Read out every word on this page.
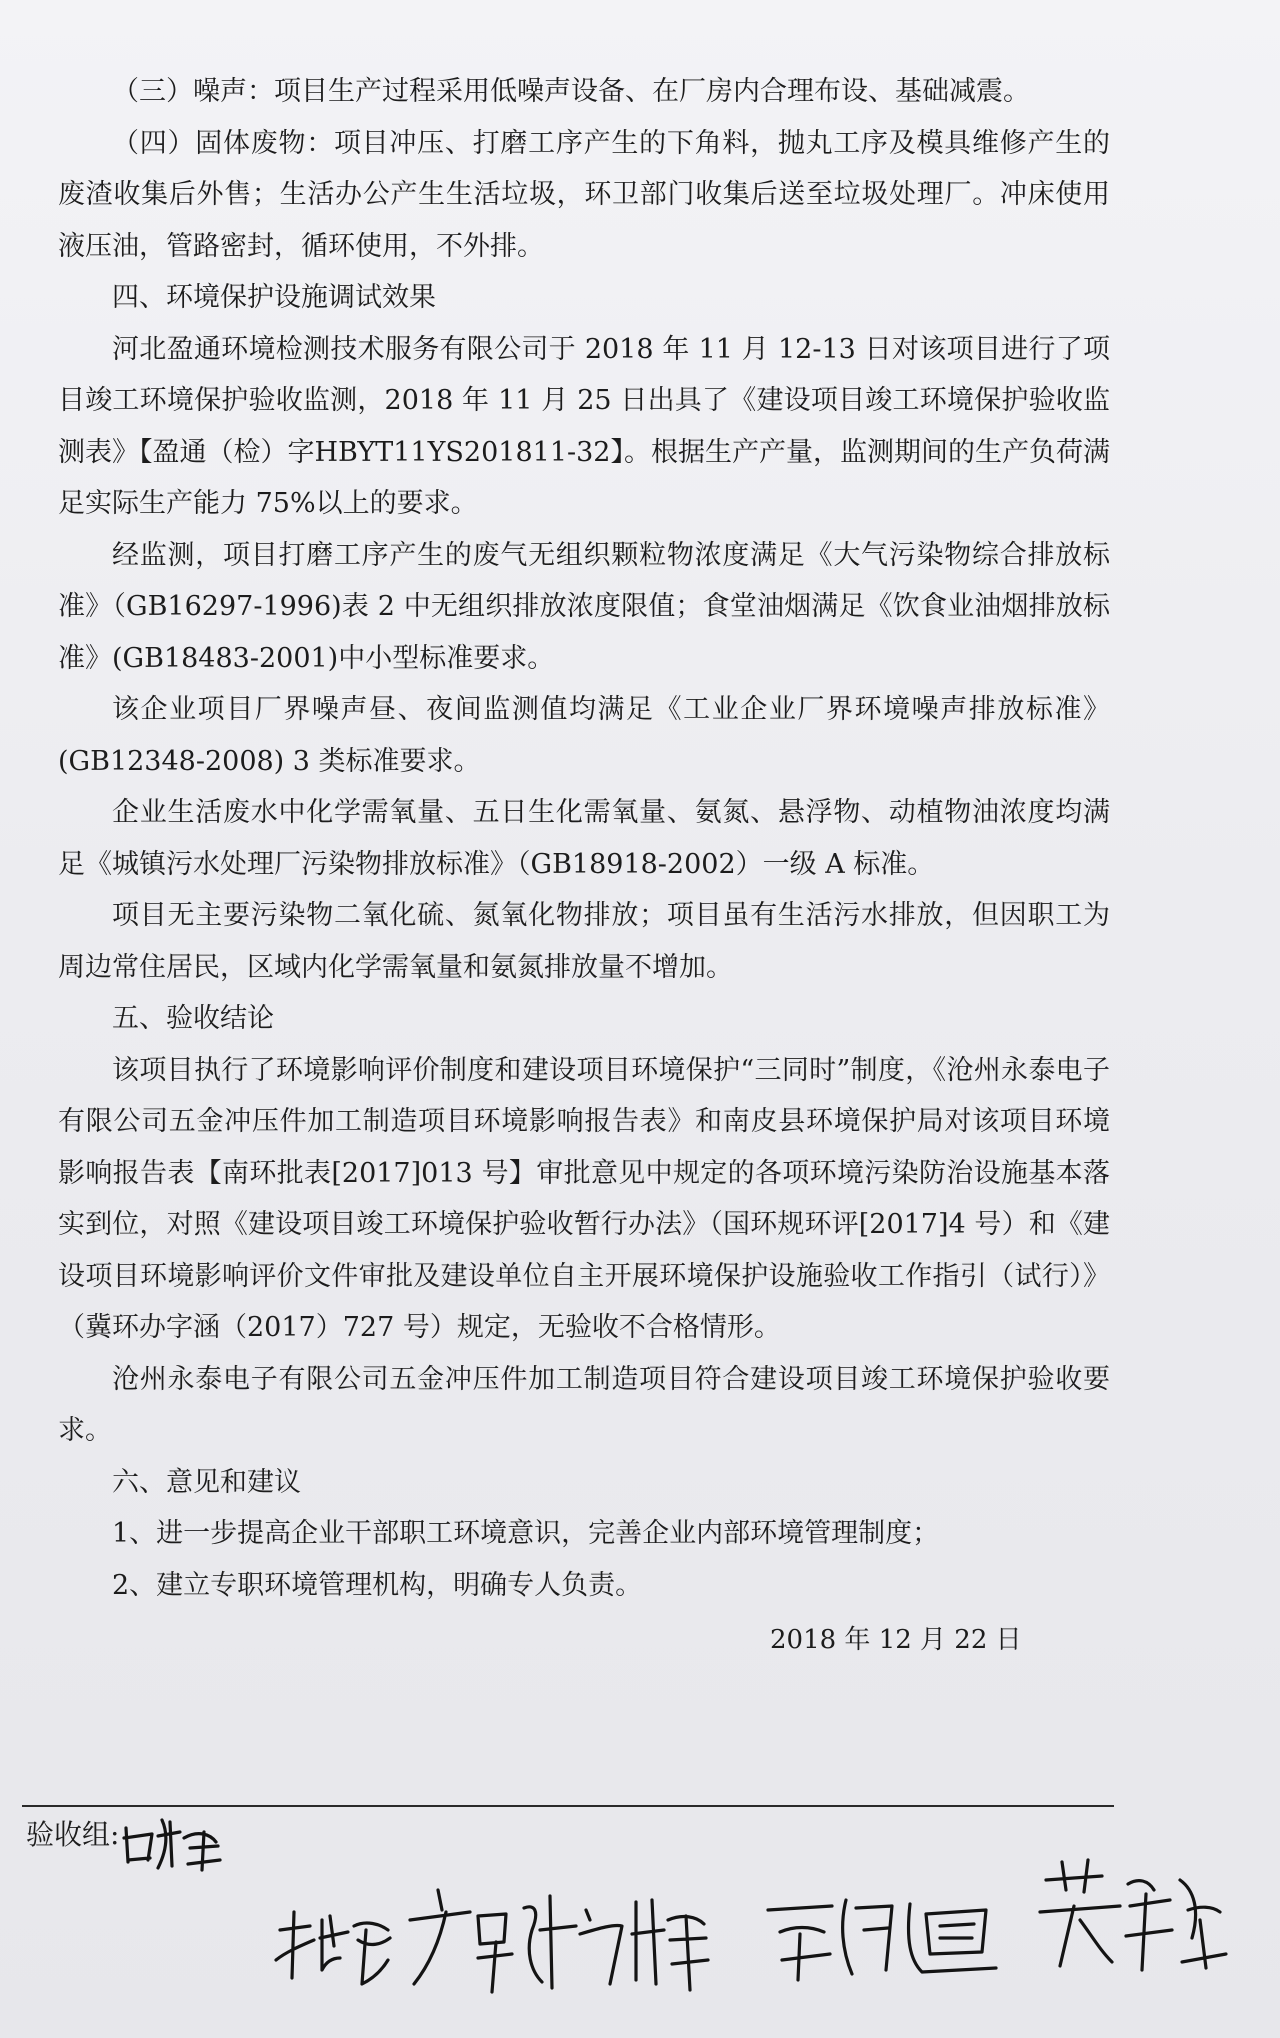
（三）噪声：项目生产过程采用低噪声设备、在厂房内合理布设、基础减震。

（四）固体废物：项目冲压、打磨工序产生的下角料，抛丸工序及模具维修产生的废渣收集后外售；生活办公产生生活垃圾，环卫部门收集后送至垃圾处理厂。冲床使用液压油，管路密封，循环使用，不外排。

四、环境保护设施调试效果

河北盈通环境检测技术服务有限公司于 2018 年 11 月 12-13 日对该项目进行了项目竣工环境保护验收监测，2018 年 11 月 25 日出具了《建设项目竣工环境保护验收监测表》【盈通（检）字HBYT11YS201811-32】。根据生产产量，监测期间的生产负荷满足实际生产能力 75%以上的要求。

经监测，项目打磨工序产生的废气无组织颗粒物浓度满足《大气污染物综合排放标准》（GB16297-1996)表 2 中无组织排放浓度限值；食堂油烟满足《饮食业油烟排放标准》(GB18483-2001)中小型标准要求。

该企业项目厂界噪声昼、夜间监测值均满足《工业企业厂界环境噪声排放标准》(GB12348-2008) 3 类标准要求。

企业生活废水中化学需氧量、五日生化需氧量、氨氮、悬浮物、动植物油浓度均满足《城镇污水处理厂污染物排放标准》（GB18918-2002）一级 A 标准。

项目无主要污染物二氧化硫、氮氧化物排放；项目虽有生活污水排放，但因职工为周边常住居民，区域内化学需氧量和氨氮排放量不增加。

五、验收结论

该项目执行了环境影响评价制度和建设项目环境保护“三同时”制度，《沧州永泰电子有限公司五金冲压件加工制造项目环境影响报告表》和南皮县环境保护局对该项目环境影响报告表【南环批表[2017]013 号】审批意见中规定的各项环境污染防治设施基本落实到位，对照《建设项目竣工环境保护验收暂行办法》（国环规环评[2017]4 号）和《建设项目环境影响评价文件审批及建设单位自主开展环境保护设施验收工作指引（试行）》（冀环办字涵（2017）727 号）规定，无验收不合格情形。

沧州永泰电子有限公司五金冲压件加工制造项目符合建设项目竣工环境保护验收要求。

六、意见和建议

1、进一步提高企业干部职工环境意识，完善企业内部环境管理制度；

2、建立专职环境管理机构，明确专人负责。

2018 年 12 月 22 日
验收组:
